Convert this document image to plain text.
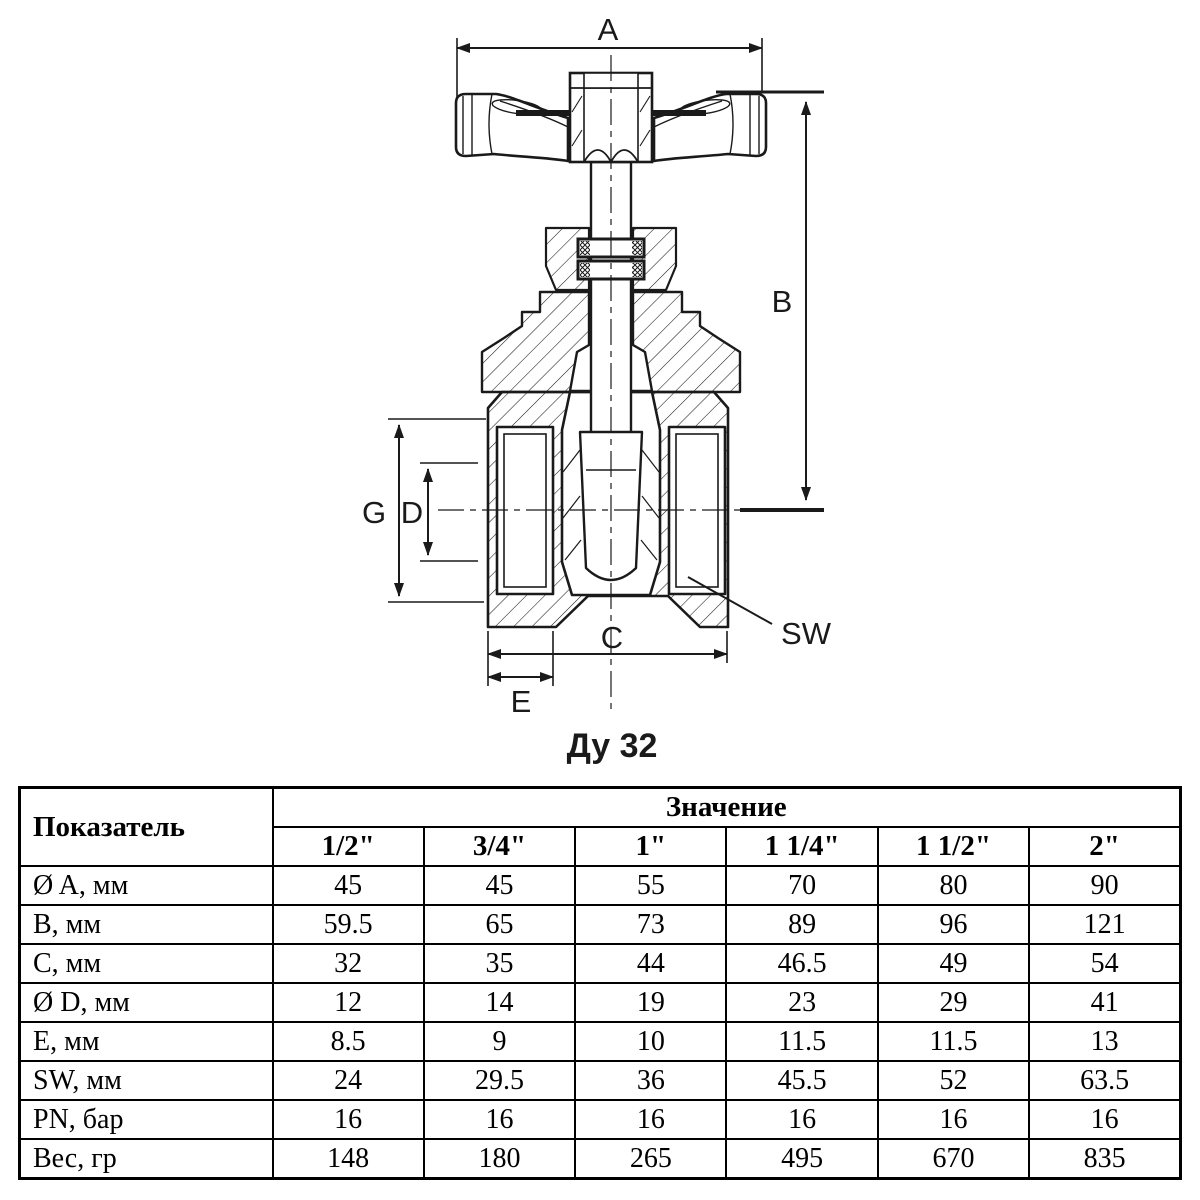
A
B
G D
C
E
SW
Ду 32
Показатель	Значение					
	1/2"	3/4"	1"	1 1/4"	1 1/2"	2"
Ø A, мм	45	45	55	70	80	90
B, мм	59.5	65	73	89	96	121
C, мм	32	35	44	46.5	49	54
Ø D, мм	12	14	19	23	29	41
E, мм	8.5	9	10	11.5	11.5	13
SW, мм	24	29.5	36	45.5	52	63.5
PN, бар	16	16	16	16	16	16
Вес, гр	148	180	265	495	670	835
